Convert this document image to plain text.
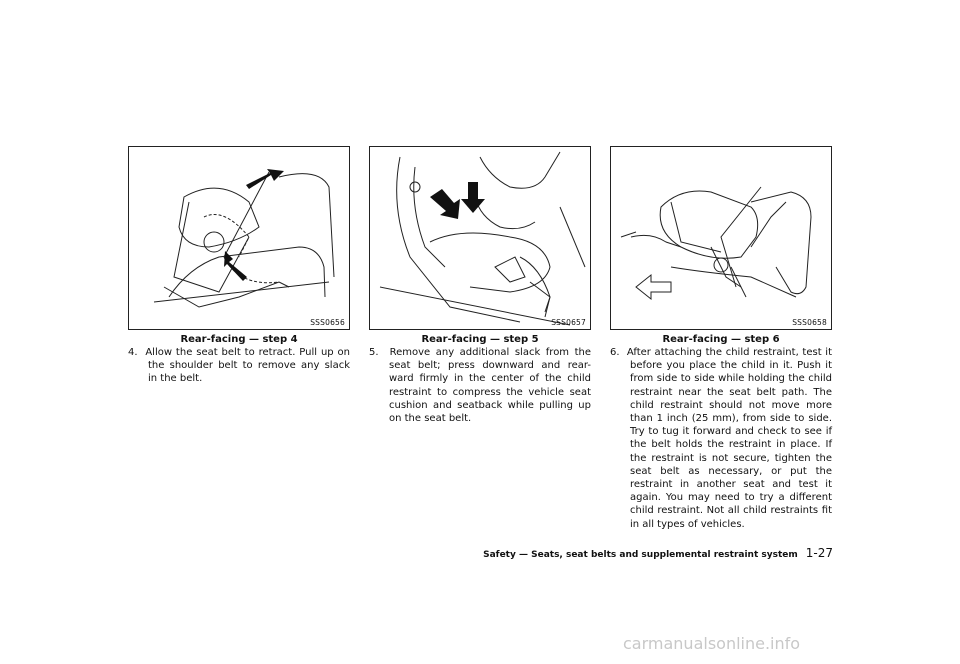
SSS0656
Rear-facing — step 4

4.  Allow the seat belt to retract. Pull up on the shoulder belt to remove any slack in the belt.

SSS0657
Rear-facing — step 5

5.  Remove any additional slack from the seat belt; press downward and rear-ward firmly in the center of the child restraint to compress the vehicle seat cushion and seatback while pulling up on the seat belt.

SSS0658
Rear-facing — step 6

6.  After attaching the child restraint, test it before you place the child in it. Push it from side to side while holding the child restraint near the seat belt path. The child restraint should not move more than 1 inch (25 mm), from side to side. Try to tug it forward and check to see if the belt holds the restraint in place. If the restraint is not secure, tighten the seat belt as necessary, or put the restraint in another seat and test it again. You may need to try a different child restraint. Not all child restraints fit in all types of vehicles.

Safety — Seats, seat belts and supplemental restraint system 1-27
carmanualsonline.info
